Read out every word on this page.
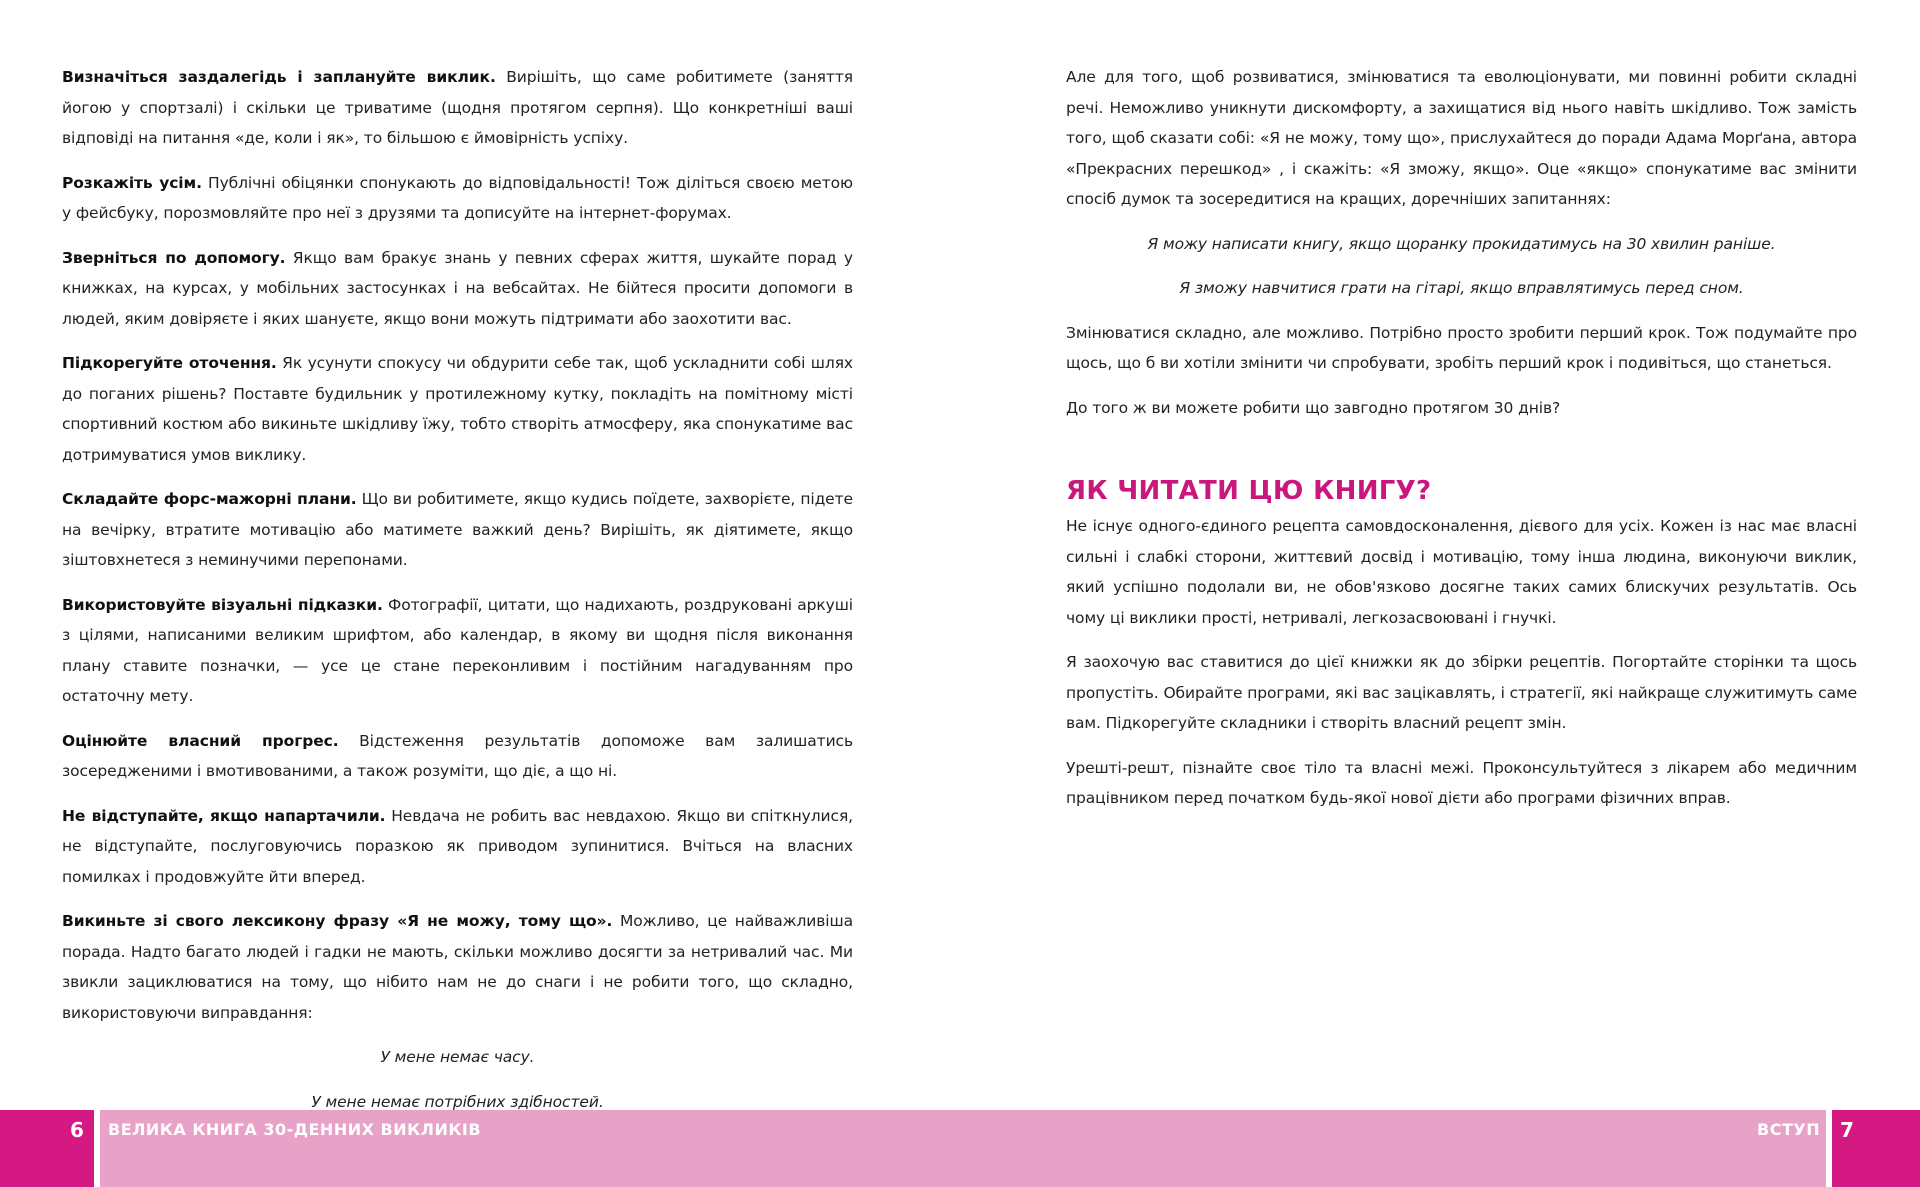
Визначіться заздалегідь і заплануйте виклик. Вирішіть, що саме робитимете (заняття йогою у спортзалі) і скільки це триватиме (щодня протягом серпня). Що конкретніші ваші відповіді на питання «де, коли і як», то більшою є ймовірність успіху.

Розкажіть усім. Публічні обіцянки спонукають до відповідальності! Тож діліться своєю метою у фейсбуку, порозмовляйте про неї з друзями та дописуйте на інтернет-форумах.

Зверніться по допомогу. Якщо вам бракує знань у певних сферах життя, шукайте порад у книжках, на курсах, у мобільних застосунках і на вебсайтах. Не бійтеся просити допомоги в людей, яким довіряєте і яких шануєте, якщо вони можуть підтримати або заохотити вас.

Підкорегуйте оточення. Як усунути спокусу чи обдурити себе так, щоб ускладнити собі шлях до поганих рішень? Поставте будильник у протилежному кутку, покладіть на помітному місті спортивний костюм або викиньте шкідливу їжу, тобто створіть атмосферу, яка спонукатиме вас дотримуватися умов виклику.

Складайте форс-мажорні плани. Що ви робитимете, якщо кудись поїдете, захворієте, підете на вечірку, втратите мотивацію або матимете важкий день? Вирішіть, як діятимете, якщо зіштовхнетеся з неминучими перепонами.

Використовуйте візуальні підказки. Фотографії, цитати, що надихають, роздруковані аркуші з цілями, написаними великим шрифтом, або календар, в якому ви щодня після виконання плану ставите позначки, — усе це стане переконливим і постійним нагадуванням про остаточну мету.

Оцінюйте власний прогрес. Відстеження результатів допоможе вам залишатись зосередженими і вмотивованими, а також розуміти, що діє, а що ні.

Не відступайте, якщо напартачили. Невдача не робить вас невдахою. Якщо ви спіткнулися, не відступайте, послуговуючись поразкою як приводом зупинитися. Вчіться на власних помилках і продовжуйте йти вперед.

Викиньте зі свого лексикону фразу «Я не можу, тому що». Можливо, це найважливіша порада. Надто багато людей і гадки не мають, скільки можливо досягти за нетривалий час. Ми звикли зациклюватися на тому, що нібито нам не до снаги і не робити того, що складно, використовуючи виправдання:

У мене немає часу.

У мене немає потрібних здібностей.

Але для того, щоб розвиватися, змінюватися та еволюціонувати, ми повинні робити складні речі. Неможливо уникнути дискомфорту, а захищатися від нього навіть шкідливо. Тож замість того, щоб сказати собі: «Я не можу, тому що», прислухайтеся до поради Адама Морґана, автора «Прекрасних перешкод» , і скажіть: «Я зможу, якщо». Оце «якщо» спонукатиме вас змінити спосіб думок та зосередитися на кращих, доречніших запитаннях:

Я можу написати книгу, якщо щоранку прокидатимусь на 30 хвилин раніше.

Я зможу навчитися грати на гітарі, якщо вправлятимусь перед сном.

Змінюватися складно, але можливо. Потрібно просто зробити перший крок. Тож подумайте про щось, що б ви хотіли змінити чи спробувати, зробіть перший крок і подивіться, що станеться.

До того ж ви можете робити що завгодно протягом 30 днів?

ЯК ЧИТАТИ ЦЮ КНИГУ?

Не існує одного-єдиного рецепта самовдосконалення, дієвого для усіх. Кожен із нас має власні сильні і слабкі сторони, життєвий досвід і мотивацію, тому інша людина, виконуючи виклик, який успішно подолали ви, не обов'язково досягне таких самих блискучих результатів. Ось чому ці виклики прості, нетривалі, легкозасвоювані і гнучкі.

Я заохочую вас ставитися до цієї книжки як до збірки рецептів. Погортайте сторінки та щось пропустіть. Обирайте програми, які вас зацікавлять, і стратегії, які найкраще служитимуть саме вам. Підкорегуйте складники і створіть власний рецепт змін.

Урешті-решт, пізнайте своє тіло та власні межі. Проконсультуйтеся з лікарем або медичним працівником перед початком будь-якої нової дієти або програми фізичних вправ.

6 ВЕЛИКА КНИГА 30-ДЕННИХ ВИКЛИКІВ	ВСТУП 7
